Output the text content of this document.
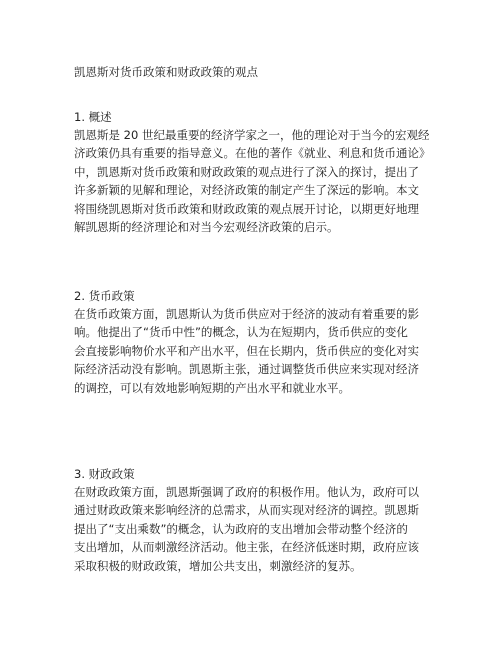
凯恩斯对货币政策和财政政策的观点
1. 概述
凯恩斯是 20 世纪最重要的经济学家之一，他的理论对于当今的宏观经
济政策仍具有重要的指导意义。在他的著作《就业、利息和货币通论》
中，凯恩斯对货币政策和财政政策的观点进行了深入的探讨，提出了
许多新颖的见解和理论，对经济政策的制定产生了深远的影响。本文
将围绕凯恩斯对货币政策和财政政策的观点展开讨论，以期更好地理
解凯恩斯的经济理论和对当今宏观经济政策的启示。
2. 货币政策
在货币政策方面，凯恩斯认为货币供应对于经济的波动有着重要的影
响。他提出了“货币中性”的概念，认为在短期内，货币供应的变化
会直接影响物价水平和产出水平，但在长期内，货币供应的变化对实
际经济活动没有影响。凯恩斯主张，通过调整货币供应来实现对经济
的调控，可以有效地影响短期的产出水平和就业水平。
3. 财政政策
在财政政策方面，凯恩斯强调了政府的积极作用。他认为，政府可以
通过财政政策来影响经济的总需求，从而实现对经济的调控。凯恩斯
提出了“支出乘数”的概念，认为政府的支出增加会带动整个经济的
支出增加，从而刺激经济活动。他主张，在经济低迷时期，政府应该
采取积极的财政政策，增加公共支出，刺激经济的复苏。
